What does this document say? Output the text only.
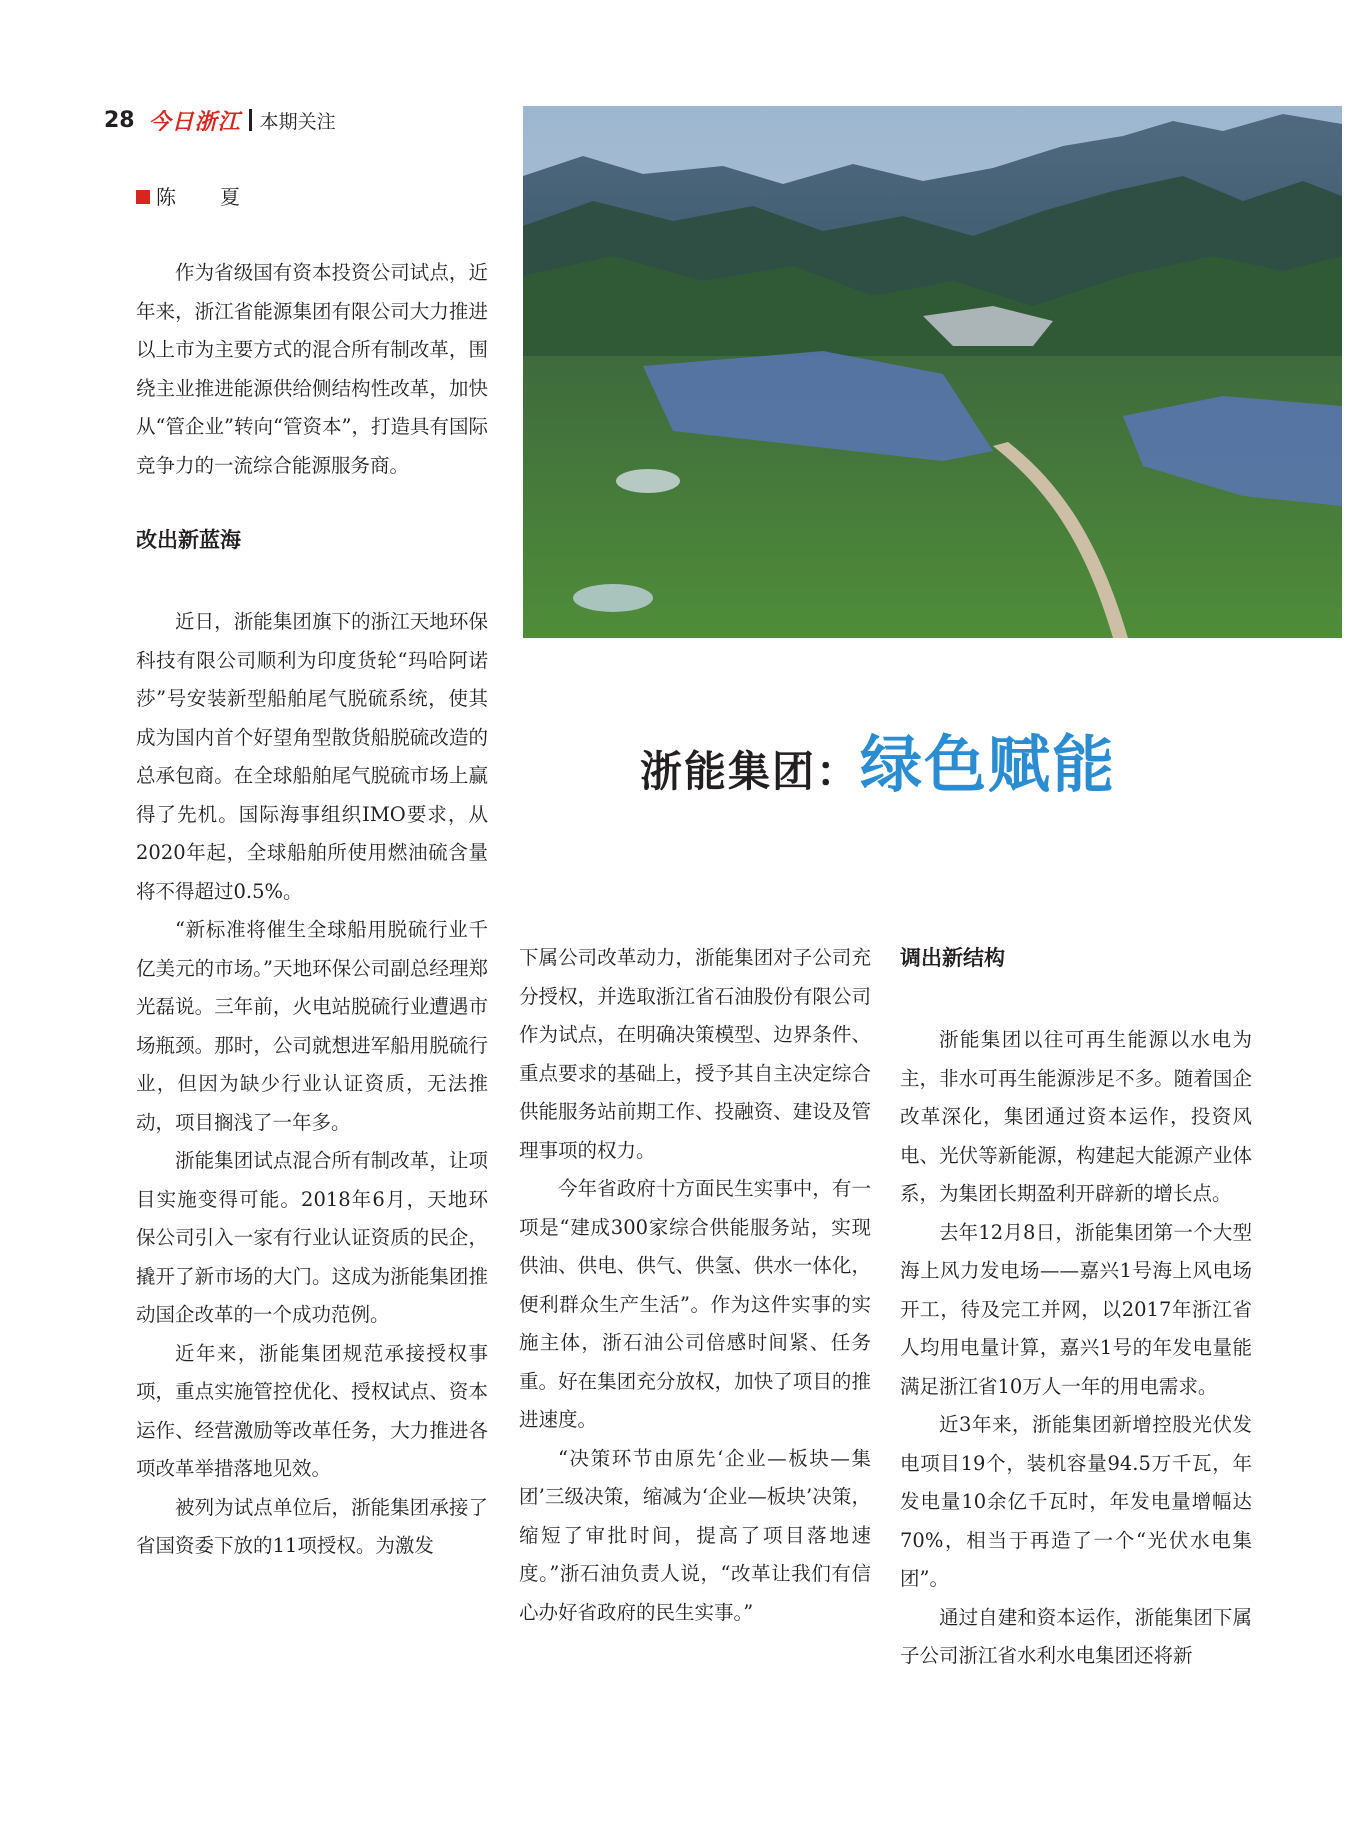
28 今日浙江 本期关注
浙能集团： 绿色赋能
陈　夏

作为省级国有资本投资公司试点，近年来，浙江省能源集团有限公司大力推进以上市为主要方式的混合所有制改革，围绕主业推进能源供给侧结构性改革，加快从“管企业”转向“管资本”，打造具有国际竞争力的一流综合能源服务商。

改出新蓝海

近日，浙能集团旗下的浙江天地环保科技有限公司顺利为印度货轮“玛哈阿诺莎”号安装新型船舶尾气脱硫系统，使其成为国内首个好望角型散货船脱硫改造的总承包商。在全球船舶尾气脱硫市场上赢得了先机。国际海事组织IMO要求，从2020年起，全球船舶所使用燃油硫含量将不得超过0.5%。

“新标准将催生全球船用脱硫行业千亿美元的市场。”天地环保公司副总经理郑光磊说。三年前，火电站脱硫行业遭遇市场瓶颈。那时，公司就想进军船用脱硫行业，但因为缺少行业认证资质，无法推动，项目搁浅了一年多。

浙能集团试点混合所有制改革，让项目实施变得可能。2018年6月，天地环保公司引入一家有行业认证资质的民企，撬开了新市场的大门。这成为浙能集团推动国企改革的一个成功范例。

近年来，浙能集团规范承接授权事项，重点实施管控优化、授权试点、资本运作、经营激励等改革任务，大力推进各项改革举措落地见效。

被列为试点单位后，浙能集团承接了省国资委下放的11项授权。为激发

下属公司改革动力，浙能集团对子公司充分授权，并选取浙江省石油股份有限公司作为试点，在明确决策模型、边界条件、重点要求的基础上，授予其自主决定综合供能服务站前期工作、投融资、建设及管理事项的权力。

今年省政府十方面民生实事中，有一项是“建成300家综合供能服务站，实现供油、供电、供气、供氢、供水一体化，便利群众生产生活”。作为这件实事的实施主体，浙石油公司倍感时间紧、任务重。好在集团充分放权，加快了项目的推进速度。

“决策环节由原先‘企业—板块—集团’三级决策，缩减为‘企业—板块’决策，缩短了审批时间，提高了项目落地速度。”浙石油负责人说，“改革让我们有信心办好省政府的民生实事。”

调出新结构

浙能集团以往可再生能源以水电为主，非水可再生能源涉足不多。随着国企改革深化，集团通过资本运作，投资风电、光伏等新能源，构建起大能源产业体系，为集团长期盈利开辟新的增长点。

去年12月8日，浙能集团第一个大型海上风力发电场——嘉兴1号海上风电场开工，待及完工并网，以2017年浙江省人均用电量计算，嘉兴1号的年发电量能满足浙江省10万人一年的用电需求。

近3年来，浙能集团新增控股光伏发电项目19个，装机容量94.5万千瓦，年发电量10余亿千瓦时，年发电量增幅达70%，相当于再造了一个“光伏水电集团”。

通过自建和资本运作，浙能集团下属子公司浙江省水利水电集团还将新
